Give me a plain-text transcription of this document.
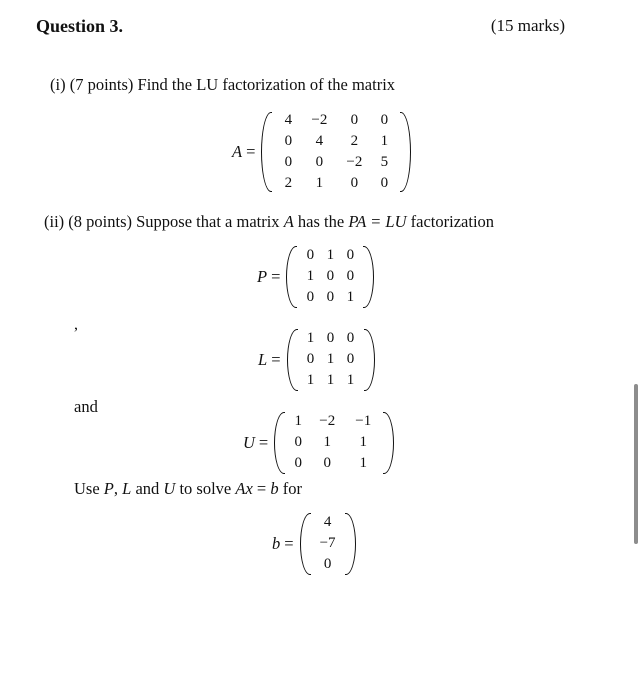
Question 3.	(15 marks)
(i) (7 points) Find the LU factorization of the matrix
A =
4	−2	0	0
0	4	2	1
0	0	−2	5
2	1	0	0
(ii) (8 points) Suppose that a matrix A has the PA = LU factorization
P =
0 1 0
1 0 0
0 0 1
,
L =
1 0 0
0 1 0
1 1 1
and
U =
1	−2	−1
0	1	1
0	0	1
Use P, L and U to solve Ax = b for
b =
4
−7
0
